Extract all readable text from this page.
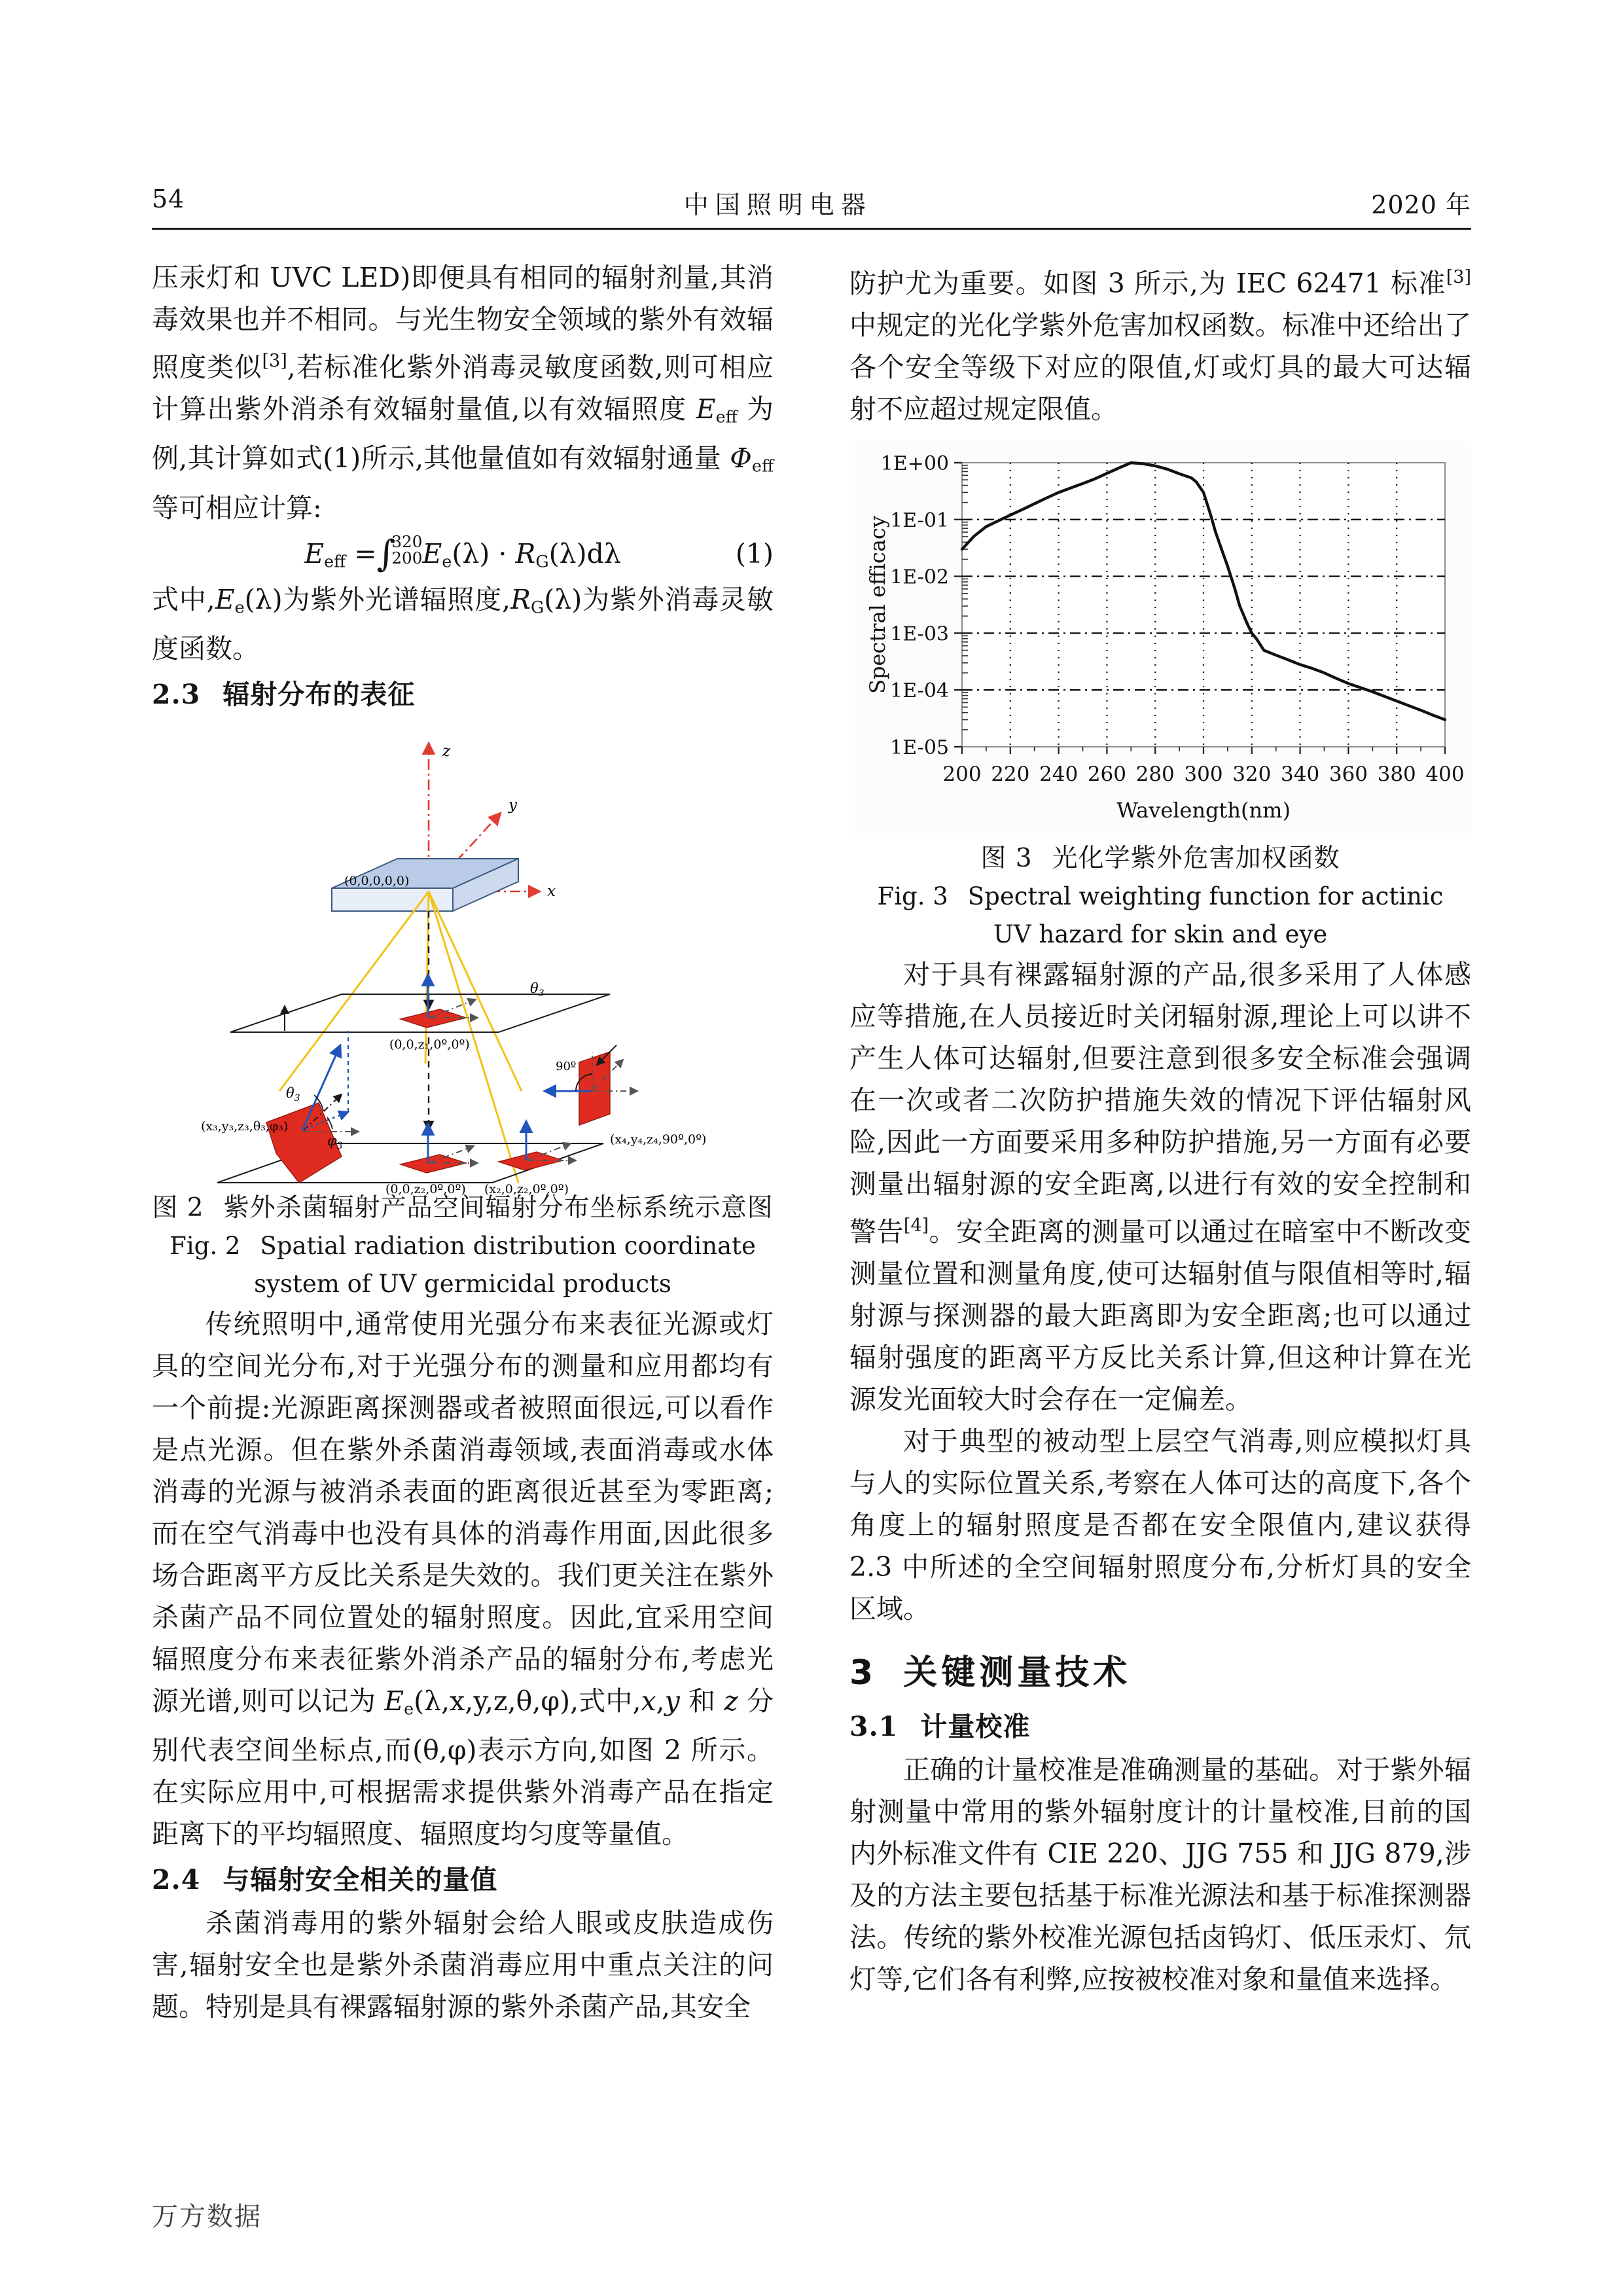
54	中国照明电器	2020 年

压汞灯和 UVC LED)即便具有相同的辐射剂量,其消毒效果也并不相同。与光生物安全领域的紫外有效辐照度类似[3],若标准化紫外消毒灵敏度函数,则可相应计算出紫外消杀有效辐射量值,以有效辐照度 $E_{eff}$ 为例,其计算如式(1)所示,其他量值如有效辐射通量 $\Phi_{eff}$ 等可相应计算:

$E_{eff}$ =∫
320
200 $E_e(\lambda) \cdot R_G(\lambda)d\lambda$	(1)

式中$,E_e(\lambda)$为紫外光谱辐照度$,R_G(\lambda)$为紫外消毒灵敏度函数。

2.3 辐射分布的表征
z
y
x
(0,0,0,0,0)
(0,0,z₁,0º,0º)
$\theta_3$
$\varphi_3$
(x₃,y₃,z₃,θ₃,φ₃)
90º
(x₄,y₄,z₄,90º,0º)
$\theta_3$
(0,0,z₂,0º,0º) (x₂,0,z₂,0º,0º)
图 2 紫外杀菌辐射产品空间辐射分布坐标系统示意图
Fig. 2 Spatial radiation distribution coordinate
system of UV germicidal products

传统照明中,通常使用光强分布来表征光源或灯具的空间光分布,对于光强分布的测量和应用都均有一个前提:光源距离探测器或者被照面很远,可以看作是点光源。但在紫外杀菌消毒领域,表面消毒或水体消毒的光源与被消杀表面的距离很近甚至为零距离;而在空气消毒中也没有具体的消毒作用面,因此很多场合距离平方反比关系是失效的。我们更关注在紫外杀菌产品不同位置处的辐射照度。因此,宜采用空间辐照度分布来表征紫外消杀产品的辐射分布,考虑光源光谱,则可以记为 $E_e(\lambda,x,y,z,\theta,\varphi)$,式中,x,y 和 z 分别代表空间坐标点,而(θ,φ)表示方向,如图 2 所示。在实际应用中,可根据需求提供紫外消毒产品在指定距离下的平均辐照度、辐照度均匀度等量值。

2.4 与辐射安全相关的量值

杀菌消毒用的紫外辐射会给人眼或皮肤造成伤害,辐射安全也是紫外杀菌消毒应用中重点关注的问题。特别是具有裸露辐射源的紫外杀菌产品,其安全

防护尤为重要。如图 3 所示,为 IEC 62471 标准[3]中规定的光化学紫外危害加权函数。标准中还给出了各个安全等级下对应的限值,灯或灯具的最大可达辐射不应超过规定限值。

1E-05
1E-04
1E-03
1E-02
1E-01
1E+00
200 220 240 260 280 300 320 340 360 380 400
Wavelength(nm)
Spectral efficacy
图 3 光化学紫外危害加权函数
Fig. 3 Spectral weighting function for actinic
UV hazard for skin and eye

对于具有裸露辐射源的产品,很多采用了人体感应等措施,在人员接近时关闭辐射源,理论上可以讲不产生人体可达辐射,但要注意到很多安全标准会强调在一次或者二次防护措施失效的情况下评估辐射风险,因此一方面要采用多种防护措施,另一方面有必要测量出辐射源的安全距离,以进行有效的安全控制和警告[4]。安全距离的测量可以通过在暗室中不断改变测量位置和测量角度,使可达辐射值与限值相等时,辐射源与探测器的最大距离即为安全距离;也可以通过辐射强度的距离平方反比关系计算,但这种计算在光源发光面较大时会存在一定偏差。

对于典型的被动型上层空气消毒,则应模拟灯具与人的实际位置关系,考察在人体可达的高度下,各个角度上的辐射照度是否都在安全限值内,建议获得 2.3 中所述的全空间辐射照度分布,分析灯具的安全区域。

3 关键测量技术
3.1 计量校准

正确的计量校准是准确测量的基础。对于紫外辐射测量中常用的紫外辐射度计的计量校准,目前的国内外标准文件有 CIE 220、JJG 755 和 JJG 879,涉及的方法主要包括基于标准光源法和基于标准探测器法。传统的紫外校准光源包括卤钨灯、低压汞灯、氘灯等,它们各有利弊,应按被校准对象和量值来选择。

万方数据
